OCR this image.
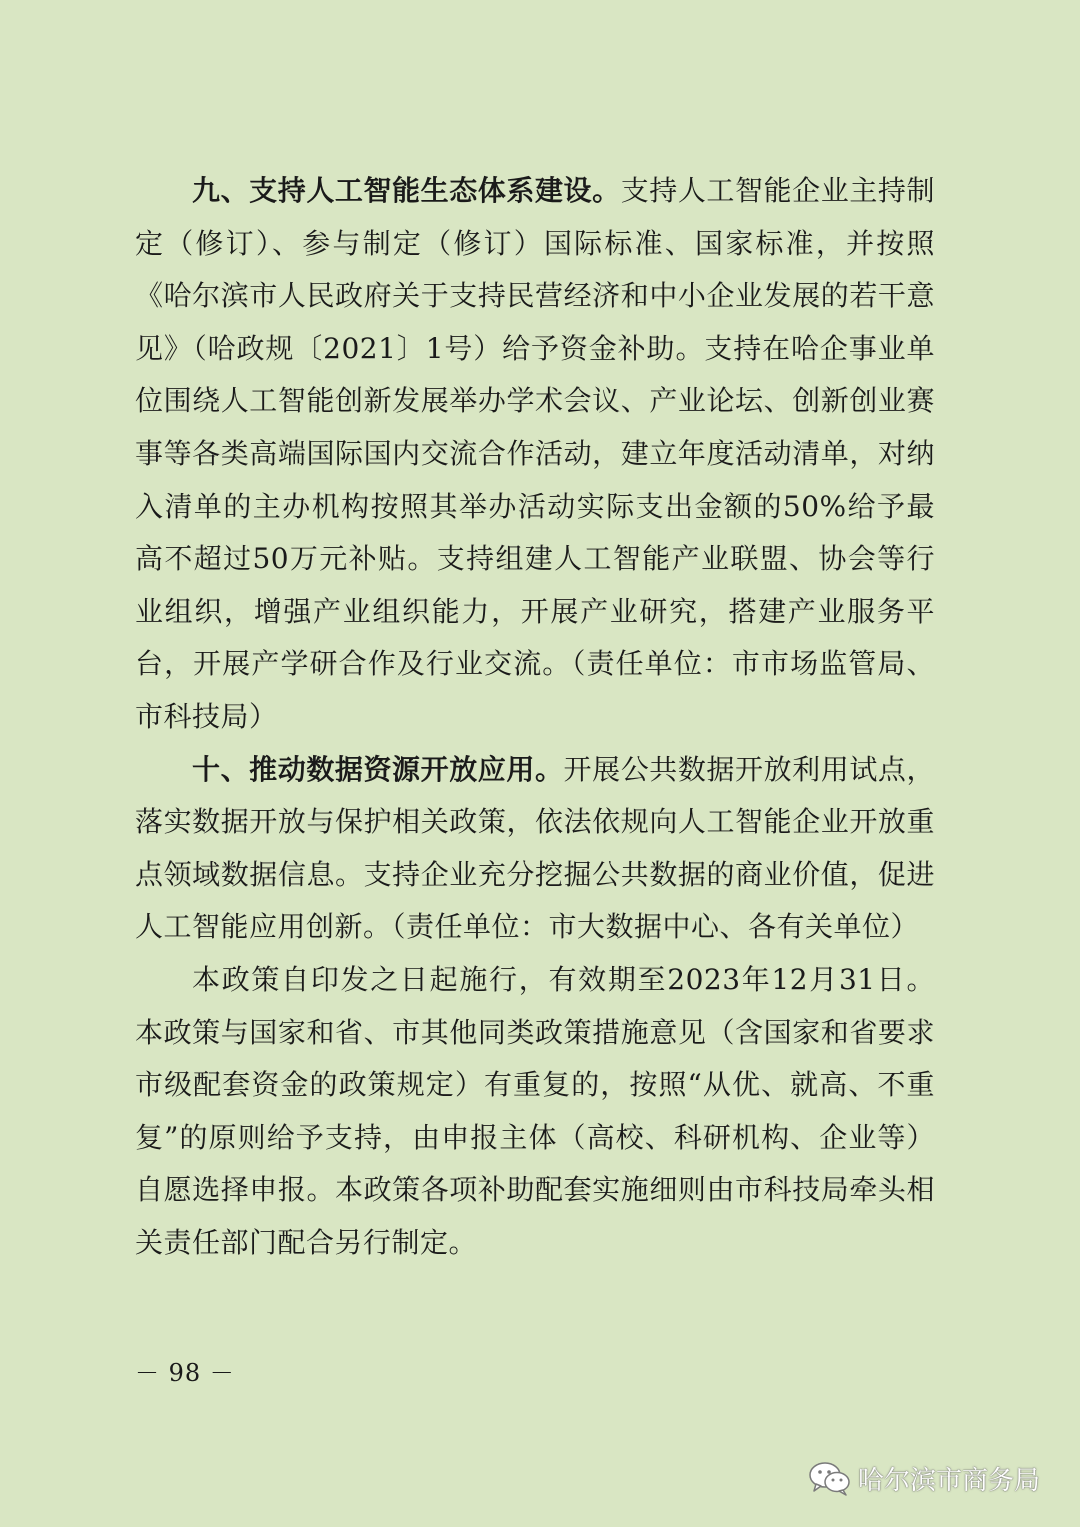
九、支持人工智能生态体系建设。支持人工智能企业主持制定（修订）、参与制定（修订）国际标准、国家标准，并按照《哈尔滨市人民政府关于支持民营经济和中小企业发展的若干意见》（哈政规〔2021〕1号）给予资金补助。支持在哈企事业单位围绕人工智能创新发展举办学术会议、产业论坛、创新创业赛事等各类高端国际国内交流合作活动，建立年度活动清单，对纳入清单的主办机构按照其举办活动实际支出金额的50%给予最高不超过50万元补贴。支持组建人工智能产业联盟、协会等行业组织，增强产业组织能力，开展产业研究，搭建产业服务平台，开展产学研合作及行业交流。（责任单位：市市场监管局、市科技局）

十、推动数据资源开放应用。开展公共数据开放利用试点，落实数据开放与保护相关政策，依法依规向人工智能企业开放重点领域数据信息。支持企业充分挖掘公共数据的商业价值，促进人工智能应用创新。（责任单位：市大数据中心、各有关单位）

本政策自印发之日起施行，有效期至2023年12月31日。本政策与国家和省、市其他同类政策措施意见（含国家和省要求市级配套资金的政策规定）有重复的，按照“从优、就高、不重复”的原则给予支持，由申报主体（高校、科研机构、企业等）自愿选择申报。本政策各项补助配套实施细则由市科技局牵头相关责任部门配合另行制定。

－ 98 －
哈尔滨市商务局
